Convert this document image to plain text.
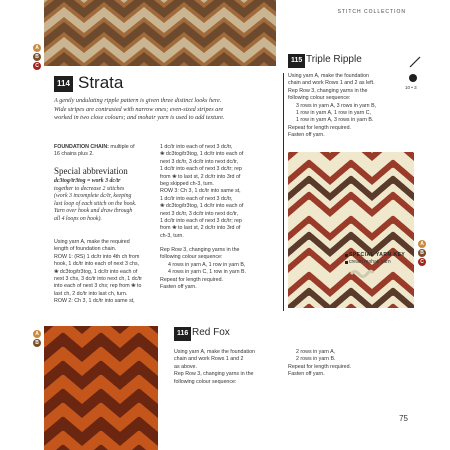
STITCH COLLECTION
A
B
C
114 Strata
A gently undulating ripple pattern is given three distinct looks here.
Wide stripes are contrasted with narrow ones; even-sized stripes are
worked in two close colours; and mohair yarn is used to add texture.
FOUNDATION CHAIN: multiple of
16 chains plus 2.
Special abbreviation
dc3tog/tr3tog = work 3 dc/tr
together to decrease 2 stitches
(work 3 incomplete dc/tr, keeping
last loop of each stitch on the hook.
Yarn over hook and draw through
all 4 loops on hook).
Using yarn A, make the required
length of foundation chain.
ROW 1: (RS) 1 dc/tr into 4th ch from
hook, 1 dc/tr into each of next 3 chs,
❀ dc3tog/tr3tog, 1 dc/tr into each of
next 3 chs, 3 dc/tr into next ch, 1 dc/tr
into each of next 3 chs; rep from ❀ to
last ch, 2 dc/tr into last ch, turn.
ROW 2: Ch 3, 1 dc/tr into same st,
1 dc/tr into each of next 3 dc/tr,
❀ dc3tog/tr3tog, 1 dc/tr into each of
next 3 dc/tr, 3 dc/tr into next dc/tr,
1 dc/tr into each of next 3 dc/tr; rep
from ❀ to last st, 2 dc/tr into 3rd of
beg skipped ch-3, turn.
ROW 3: Ch 3, 1 dc/tr into same st,
1 dc/tr into each of next 3 dc/tr,
❀ dc3tog/tr3tog, 1 dc/tr into each of
next 3 dc/tr, 3 dc/tr into next dc/tr,
1 dc/tr into each of next 3 dc/tr; rep
from ❀ to last st, 2 dc/tr into 3rd of
ch-3, turn.
Rep Row 3, changing yarns in the
following colour sequence:
4 rows in yarn A, 1 row in yarn B,
4 rows in yarn C, 1 row in yarn B.
Repeat for length required.
Fasten off yarn.
115 Triple Ripple
10 • 3
Using yarn A, make the foundation
chain and work Rows 1 and 2 as left.
Rep Row 3, changing yarns in the
following colour sequence:
3 rows in yarn A, 3 rows in yarn B,
1 row in yarn A, 1 row in yarn C,
1 row in yarn A, 3 rows in yarn B.
Repeat for length required.
Fasten off yarn.
A
B
C
SPECIAL YARN KEY
cream mohair yarn
A
B
116 Red Fox
Using yarn A, make the foundation
chain and work Rows 1 and 2
as above.
Rep Row 3, changing yarns in the
following colour sequence:
2 rows in yarn A,
2 rows in yarn B.
Repeat for length required.
Fasten off yarn.
75
